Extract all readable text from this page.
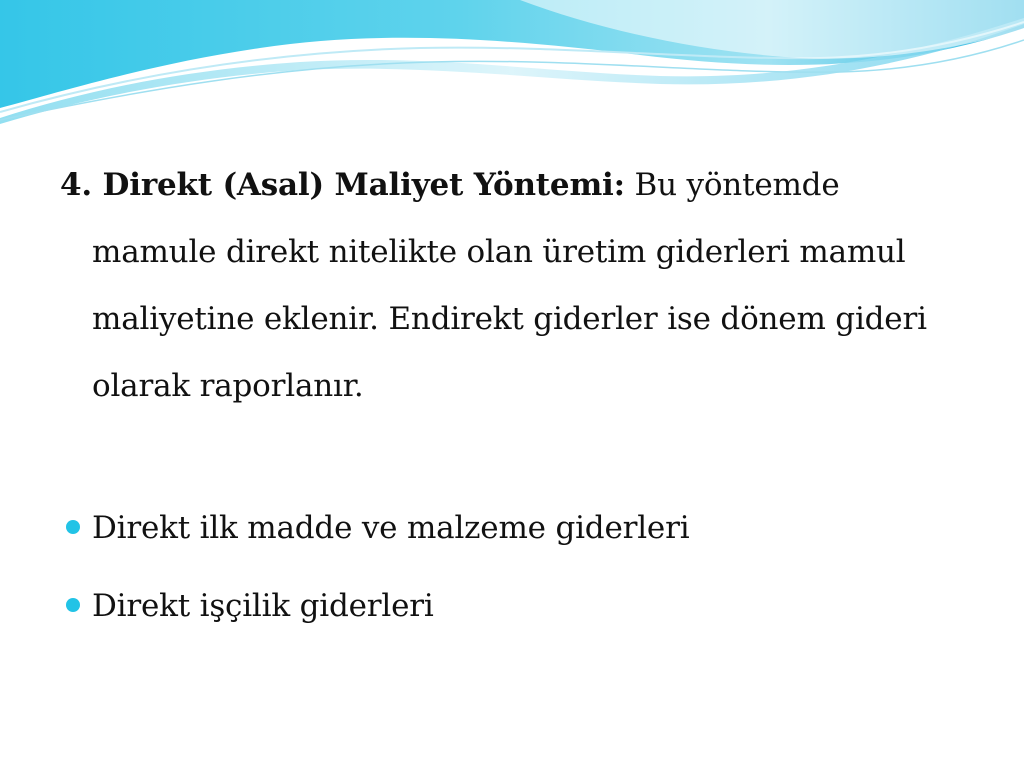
4. Direkt (Asal) Maliyet Yöntemi: Bu yöntemde mamule direkt nitelikte olan üretim giderleri mamul maliyetine eklenir. Endirekt giderler ise dönem gideri olarak raporlanır.

Direkt ilk madde ve malzeme giderleri
Direkt işçilik giderleri
